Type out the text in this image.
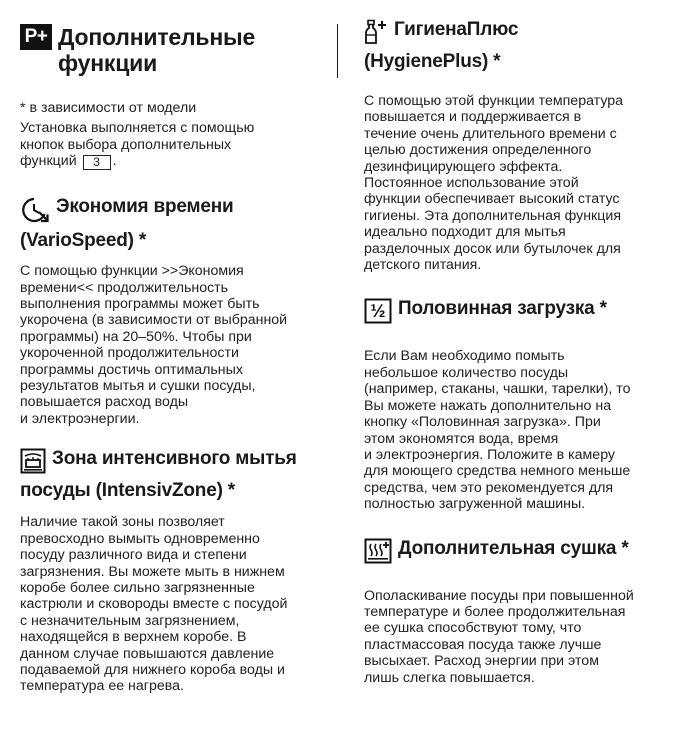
P+ Дополнительные
функции

* в зависимости от модели

Установка выполняется с помощью
кнопок выбора дополнительных
функций 3 .

Экономия времени
(VarioSpeed) *

С помощью функции >>Экономия
времени<< продолжительность
выполнения программы может быть
укорочена (в зависимости от выбранной
программы) на 20–50%. Чтобы при
укороченной продолжительности
программы достичь оптимальных
результатов мытья и сушки посуды,
повышается расход воды
и электроэнергии.

Зона интенсивного мытья
посуды (IntensivZone) *

Наличие такой зоны позволяет
превосходно вымыть одновременно
посуду различного вида и степени
загрязнения. Вы можете мыть в нижнем
коробе более сильно загрязненные
кастрюли и сковороды вместе с посудой
с незначительным загрязнением,
находящейся в верхнем коробе. В
данном случае повышаются давление
подаваемой для нижнего короба воды и
температура ее нагрева.

ГигиенаПлюс
(HygienePlus) *

С помощью этой функции температура
повышается и поддерживается в
течение очень длительного времени с
целью достижения определенного
дезинфицирующего эффекта.
Постоянное использование этой
функции обеспечивает высокий статус
гигиены. Эта дополнительная функция
идеально подходит для мытья
разделочных досок или бутылочек для
детского питания.

½ Половинная загрузка *

Если Вам необходимо помыть
небольшое количество посуды
(например, стаканы, чашки, тарелки), то
Вы можете нажать дополнительно на
кнопку «Половинная загрузка». При
этом экономятся вода, время
и электроэнергия. Положите в камеру
для моющего средства немного меньше
средства, чем это рекомендуется для
полностью загруженной машины.

Дополнительная сушка *

Ополаскивание посуды при повышенной
температуре и более продолжительная
ее сушка способствуют тому, что
пластмассовая посуда также лучше
высыхает. Расход энергии при этом
лишь слегка повышается.
